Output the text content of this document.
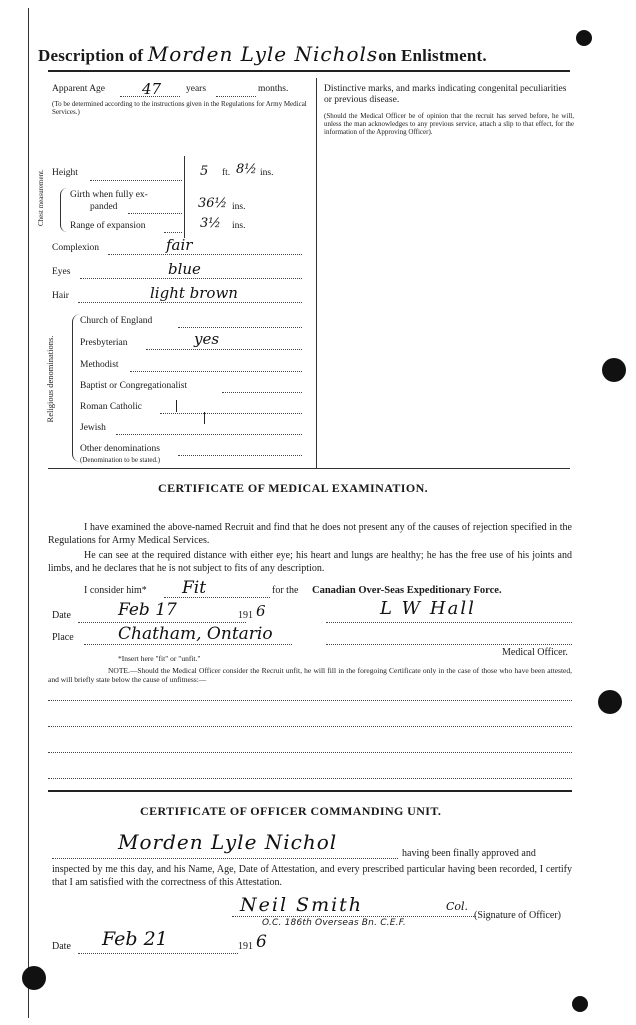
Description of Morden Lyle Nicholson Enlistment.
Apparent Age 47	years	months.
(To be determined according to the instructions given in the Regulations for Army Medical Services.)
Height	5 ft. 8½ ins.
Chest measurement.	Girth when fully ex-
panded	36½ ins.
Range of expansion	3½ ins.
Complexion	fair
Eyes	blue
Hair	light brown
Religious denominations.
Church of England
Presbyterian	yes
Methodist
Baptist or Congregationalist
Roman Catholic
Jewish
Other denominations
(Denomination to be stated.)
Distinctive marks, and marks indicating congenital peculiarities or previous disease.
(Should the Medical Officer be of opinion that the recruit has served before, he will, unless the man acknowledges to any previous service, attach a slip to that effect, for the information of the Approving Officer).
CERTIFICATE OF MEDICAL EXAMINATION.
I have examined the above-named Recruit and find that he does not present any of the causes of rejection specified in the Regulations for Army Medical Services.
He can see at the required distance with either eye; his heart and lungs are healthy; he has the free use of his joints and limbs, and he declares that he is not subject to fits of any description.
I consider him* Fit	for the Canadian Over-Seas Expeditionary Force.
Date	Feb 17	191 6	L W Hall
Place	Chatham, Ontario
Medical Officer.
*Insert here "fit" or "unfit."
NOTE.—Should the Medical Officer consider the Recruit unfit, he will fill in the foregoing Certificate only in the case of those who have been attested, and will briefly state below the cause of unfitness:—
CERTIFICATE OF OFFICER COMMANDING UNIT.
Morden Lyle Nichol	having been finally approved and
inspected by me this day, and his Name, Age, Date of Attestation, and every prescribed particular having been recorded, I certify that I am satisfied with the correctness of this Attestation.
Neil Smith	Col.
(Signature of Officer)
O.C. 186th Overseas Bn. C.E.F.
Date Feb 21	191 6
